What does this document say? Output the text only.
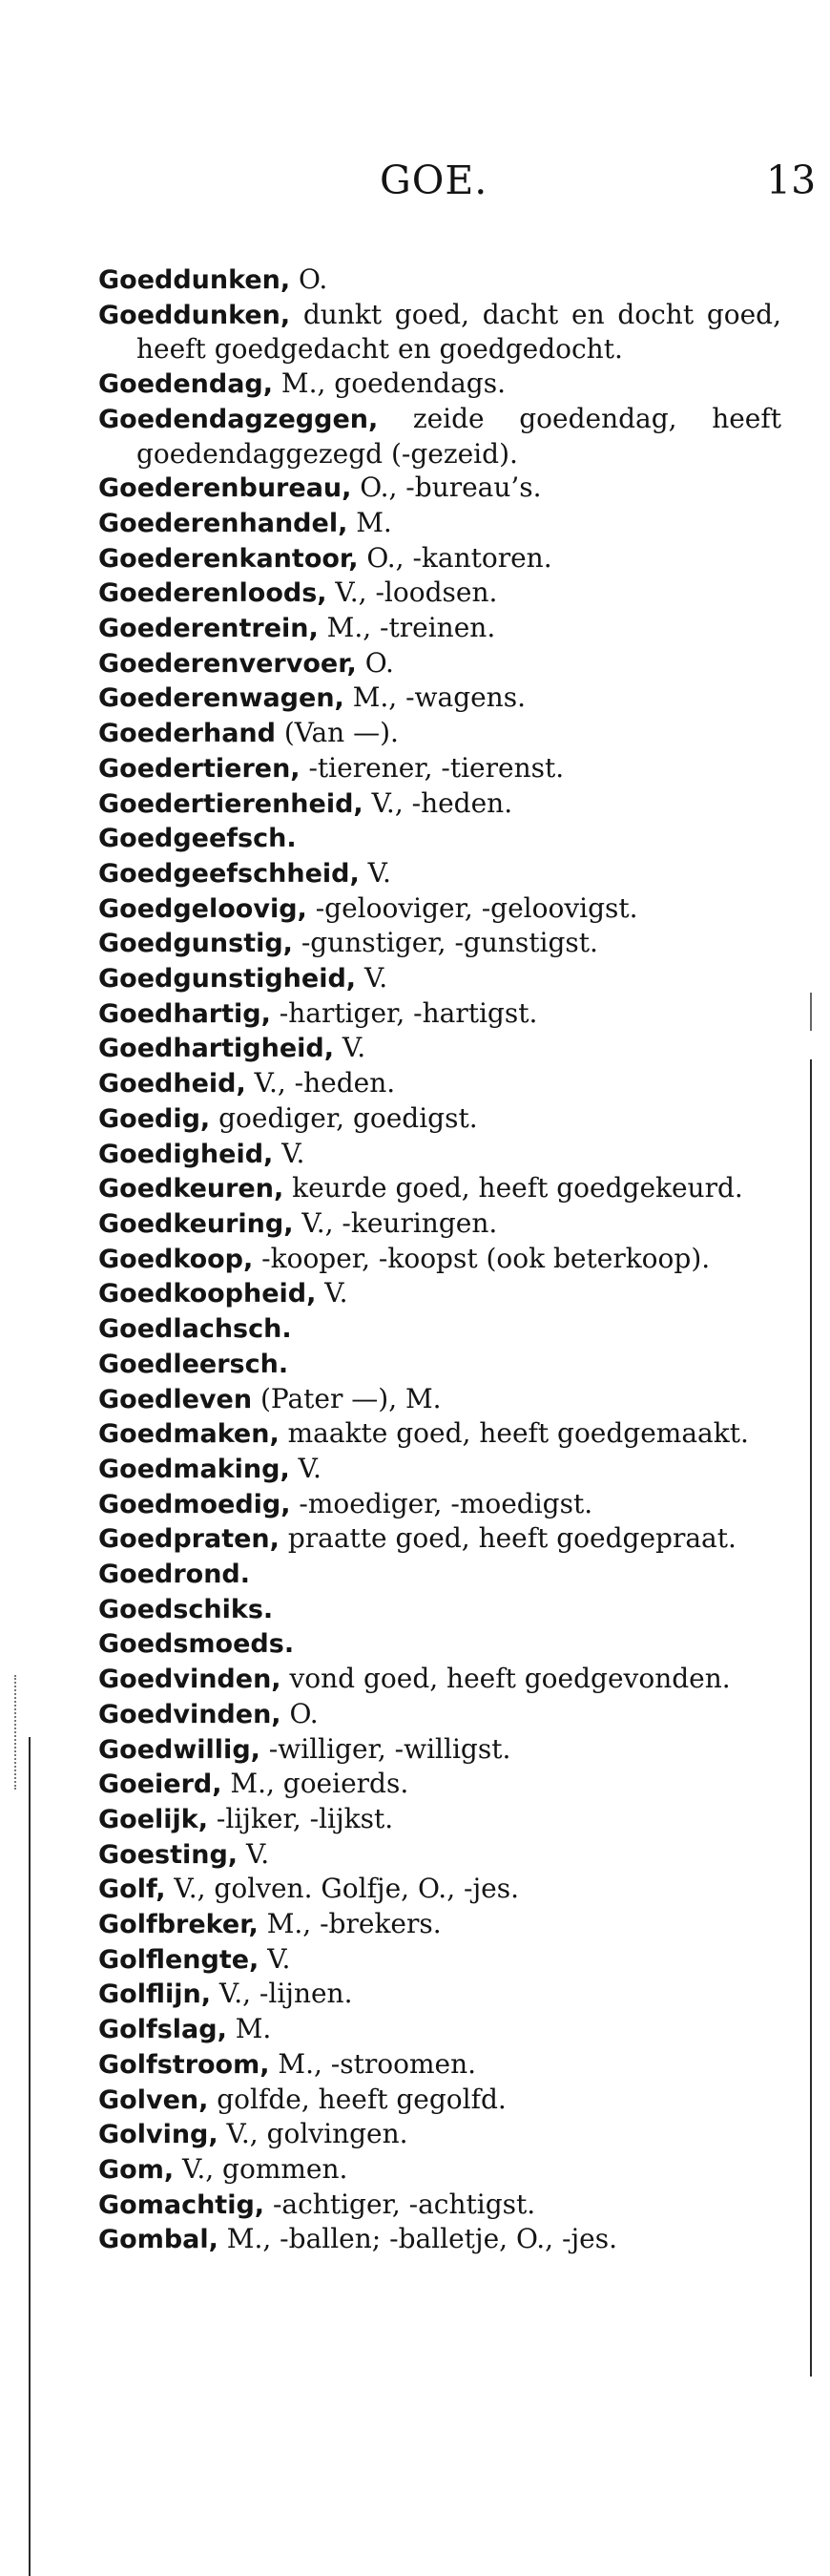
GOE.	13
Goeddunken, O.
Goeddunken, dunkt goed, dacht en docht goed, heeft goedgedacht en goedgedocht.
Goedendag, M., goedendags.
Goedendagzeggen, zeide goedendag, heeft goedendaggezegd (-gezeid).
Goederenbureau, O., -bureau’s.
Goederenhandel, M.
Goederenkantoor, O., -kantoren.
Goederenloods, V., -loodsen.
Goederentrein, M., -treinen.
Goederenvervoer, O.
Goederenwagen, M., -wagens.
Goederhand (Van —).
Goedertieren, -tierener, -tierenst.
Goedertierenheid, V., -heden.
Goedgeefsch.
Goedgeefschheid, V.
Goedgeloovig, -gelooviger, -geloovigst.
Goedgunstig, -gunstiger, -gunstigst.
Goedgunstigheid, V.
Goedhartig, -hartiger, -hartigst.
Goedhartigheid, V.
Goedheid, V., -heden.
Goedig, goediger, goedigst.
Goedigheid, V.
Goedkeuren, keurde goed, heeft goedgekeurd.
Goedkeuring, V., -keuringen.
Goedkoop, -kooper, -koopst (ook beterkoop).
Goedkoopheid, V.
Goedlachsch.
Goedleersch.
Goedleven (Pater —), M.
Goedmaken, maakte goed, heeft goedgemaakt.
Goedmaking, V.
Goedmoedig, -moediger, -moedigst.
Goedpraten, praatte goed, heeft goedgepraat.
Goedrond.
Goedschiks.
Goedsmoeds.
Goedvinden, vond goed, heeft goedgevonden.
Goedvinden, O.
Goedwillig, -williger, -willigst.
Goeierd, M., goeierds.
Goelijk, -lijker, -lijkst.
Goesting, V.
Golf, V., golven. Golfje, O., -jes.
Golfbreker, M., -brekers.
Golflengte, V.
Golflijn, V., -lijnen.
Golfslag, M.
Golfstroom, M., -stroomen.
Golven, golfde, heeft gegolfd.
Golving, V., golvingen.
Gom, V., gommen.
Gomachtig, -achtiger, -achtigst.
Gombal, M., -ballen; -balletje, O., -jes.
